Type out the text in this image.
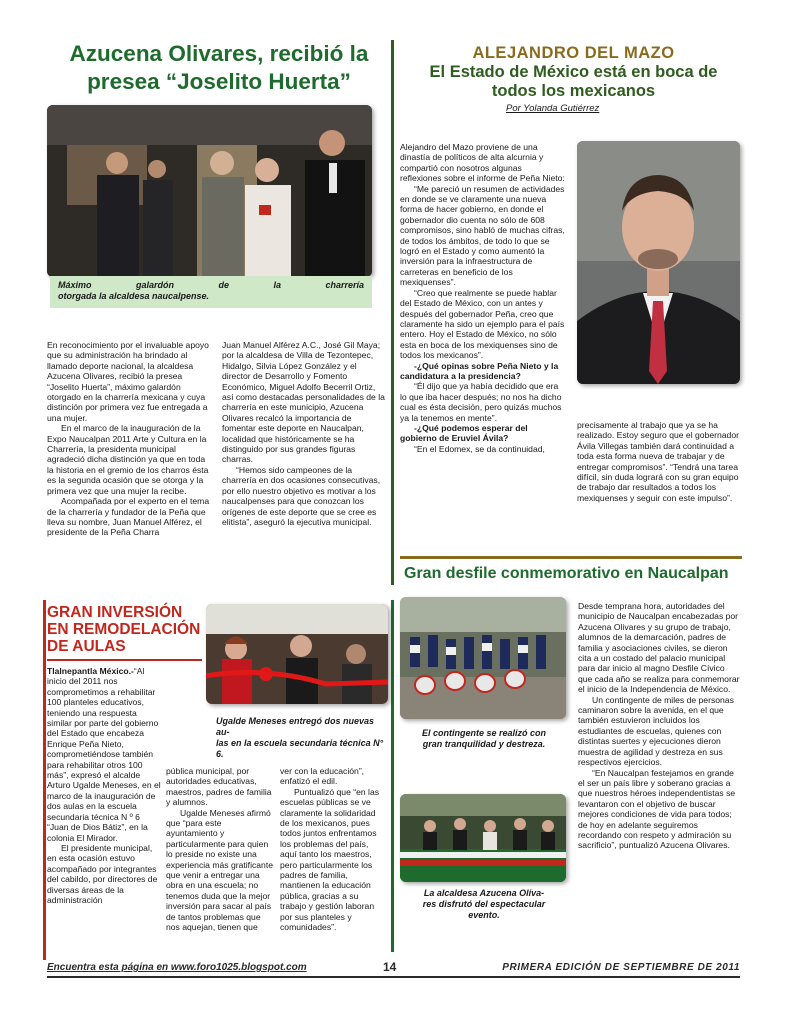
Azucena Olivares, recibió la
presea “Joselito Huerta”
Máximo galardón de la charrería
otorgada la alcaldesa naucalpense.

En reconocimiento por el invaluable apoyo que su administración ha brindado al llamado deporte nacional, la alcaldesa Azucena Olivares, recibió la presea “Joselito Huerta”, máximo galardón otorgado en la charrería mexicana y cuya distinción por primera vez fue entregada a una mujer.

En el marco de la inauguración de la Expo Naucalpan 2011 Arte y Cultura en la Charrería, la presidenta municipal agradeció dicha distinción ya que en toda la historia en el gremio de los charros ésta es la segunda ocasión que se otorga y la primera vez que una mujer la recibe.

Acompañada por el experto en el tema de la charrería y fundador de la Peña que lleva su nombre, Juan Manuel Alférez, el presidente de la Peña Charra

Juan Manuel Alférez A.C., José Gil Maya; por la alcaldesa de Villa de Tezontepec, Hidalgo, Silvia López González y el director de Desarrollo y Fomento Económico, Miguel Adolfo Becerril Ortiz, así como destacadas personalidades de la charrería en este municipio, Azucena Olivares recalcó la importancia de fomentar este deporte en Naucalpan, localidad que históricamente se ha distinguido por sus grandes figuras charras.

“Hemos sido campeones de la charrería en dos ocasiones consecutivas, por ello nuestro objetivo es motivar a los naucalpenses para que conozcan los orígenes de este deporte que se cree es elitista”, aseguró la ejecutiva municipal.

ALEJANDRO DEL MAZO
El Estado de México está en boca de
todos los mexicanos
Por Yolanda Gutiérrez

Alejandro del Mazo proviene de una dinastía de políticos de alta alcurnia y compartió con nosotros algunas reflexiones sobre el informe de Peña Nieto:

“Me pareció un resumen de actividades en donde se ve claramente una nueva forma de hacer gobierno, en donde el gobernador dio cuenta no sólo de 608 compromisos, sino habló de muchas cifras, de todos los ámbitos, de todo lo que se logró en el Estado y como aumentó la inversión para la infraestructura de carreteras en beneficio de los mexiquenses”.

“Creo que realmente se puede hablar del Estado de México, con un antes y después del gobernador Peña, creo que claramente ha sido un ejemplo para el país entero. Hoy el Estado de México, no sólo esta en boca de los mexiquenses sino de todos los mexicanos”.

-¿Qué opinas sobre Peña Nieto y la candidatura a la presidencia?

“Él dijo que ya había decidido que era lo que iba hacer después; no nos ha dicho cual es ésta decisión, pero quizás muchos ya la tenemos en mente”.

-¿Qué podemos esperar del gobierno de Eruviel Ávila?

“En el Edomex, se da continuidad,

precisamente al trabajo que ya se ha realizado. Estoy seguro que el gobernador Ávila Villegas también dará continuidad a toda esta forma nueva de trabajar y de entregar compromisos”. “Tendrá una tarea difícil, sin duda logrará con su gran equipo de trabajo dar resultados a todos los mexiquenses y seguir con este impulso”.

Gran desfile conmemorativo en Naucalpan
El contingente se realizó con
gran tranquilidad y destreza.
La alcaldesa Azucena Oliva-
res disfrutó del espectacular
evento.

Desde temprana hora, autoridades del municipio de Naucalpan encabezadas por Azucena Olivares y su grupo de trabajo, alumnos de la demarcación, padres de familia y asociaciones civiles, se dieron cita a un costado del palacio municipal para dar inicio al magno Desfile Cívico que cada año se realiza para conmemorar el inicio de la Independencia de México.

Un contingente de miles de personas caminaron sobre la avenida, en el que también estuvieron incluidos los estudiantes de escuelas, quienes con distintas suertes y ejecuciones dieron muestra de agilidad y destreza en sus respectivos ejercicios.

“En Naucalpan festejamos en grande el ser un país libre y soberano gracias a que nuestros héroes independentistas se levantaron con el objetivo de buscar mejores condiciones de vida para todos; de hoy en adelante seguiremos recordando con respeto y admiración su sacrificio”, puntualizó Azucena Olivares.

GRAN INVERSIÓN
EN REMODELACIÓN
DE AULAS
Ugalde Meneses entregó dos nuevas au-
las en la escuela secundaria técnica N° 6.

Tlalnepantla México.-“Al inicio del 2011 nos comprometimos a rehabilitar 100 planteles educativos, teniendo una respuesta similar por parte del gobierno del Estado que encabeza Enrique Peña Nieto, comprometiéndose también para rehabilitar otros 100 más”, expresó el alcalde Arturo Ugalde Meneses, en el marco de la inauguración de dos aulas en la escuela secundaria técnica N º 6 “Juan de Dios Bátiz”, en la colonia El Mirador.

El presidente municipal, en esta ocasión estuvo acompañado por integrantes del cabildo, por directores de diversas áreas de la administración

pública municipal, por autoridades educativas, maestros, padres de familia y alumnos.

Ugalde Meneses afirmó que “para este ayuntamiento y particularmente para quien lo preside no existe una experiencia más gratificante que venir a entregar una obra en una escuela; no tenemos duda que la mejor inversión para sacar al país de tantos problemas que nos aquejan, tienen que

ver con la educación”, enfatizó el edil.

Puntualizó que “en las escuelas públicas se ve claramente la solidaridad de los mexicanos, pues todos juntos enfrentamos los problemas del país, aquí tanto los maestros, pero particularmente los padres de familia, mantienen la educación pública, gracias a su trabajo y gestión laboran por sus planteles y comunidades”.

Encuentra esta página en www.foro1025.blogspot.com	14	PRIMERA EDICIÓN DE SEPTIEMBRE DE 2011
